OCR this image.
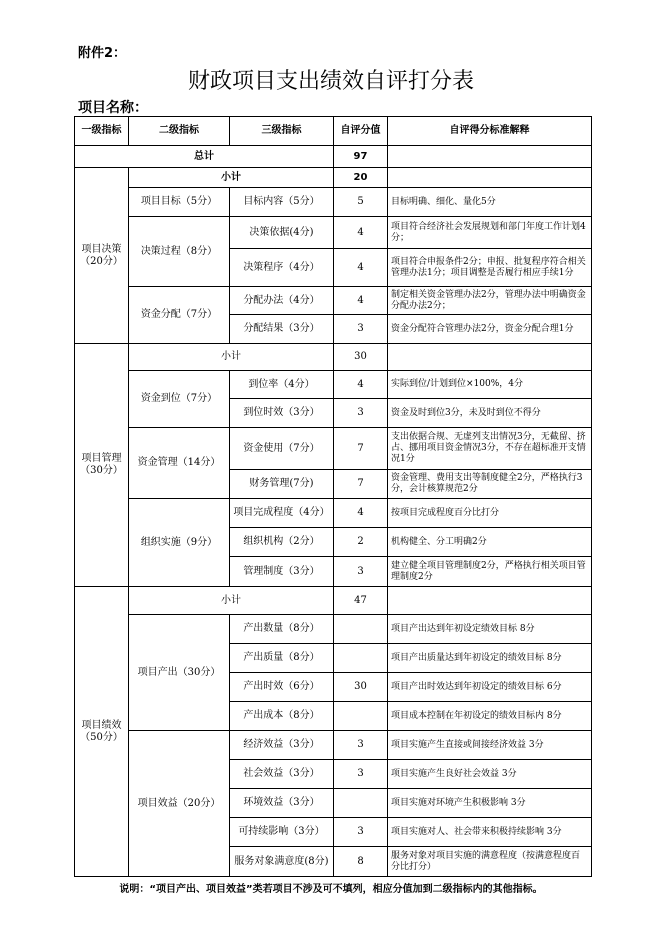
附件2：
财政项目支出绩效自评打分表
项目名称：
一级指标	二级指标	三级指标	自评分值	自评得分标准解释
总计			97	
项目决策（20分）	小计		20	
	项目目标（5分）	目标内容（5分）	5	目标明确、细化、量化5分
	决策过程（8分）	决策依据(4分)	4	项目符合经济社会发展规划和部门年度工作计划4分；
		决策程序（4分）	4	项目符合申报条件2分；申报、批复程序符合相关管理办法1分；项目调整是否履行相应手续1分
	资金分配（7分）	分配办法（4分）	4	制定相关资金管理办法2分，管理办法中明确资金分配办法2分；
		分配结果（3分）	3	资金分配符合管理办法2分，资金分配合理1分
项目管理（30分）	小计		30	
	资金到位（7分）	到位率（4分）	4	实际到位/计划到位×100%，4分
		到位时效（3分）	3	资金及时到位3分，未及时到位不得分
	资金管理（14分）	资金使用（7分）	7	支出依据合规、无虚列支出情况3分，无截留、挤占、挪用项目资金情况3分，不存在超标准开支情况1分
		财务管理(7分)	7	资金管理、费用支出等制度健全2分，严格执行3分，会计核算规范2分
	组织实施（9分）	项目完成程度（4分）	4	按项目完成程度百分比打分
		组织机构（2分）	2	机构健全、分工明确2分
		管理制度（3分）	3	建立健全项目管理制度2分，严格执行相关项目管理制度2分
项目绩效（50分）	小计		47	
	项目产出（30分）	产出数量（8分）		项目产出达到年初设定绩效目标 8分
		产出质量（8分）		项目产出质量达到年初设定的绩效目标 8分
		产出时效（6分）	30	项目产出时效达到年初设定的绩效目标 6分
		产出成本（8分）		项目成本控制在年初设定的绩效目标内 8分
	项目效益（20分）	经济效益（3分）	3	项目实施产生直接或间接经济效益 3分
		社会效益（3分）	3	项目实施产生良好社会效益 3分
		环境效益（3分）		项目实施对环境产生积极影响 3分
		可持续影响（3分）	3	项目实施对人、社会带来积极持续影响 3分
		服务对象满意度(8分)	8	服务对象对项目实施的满意程度（按满意程度百分比打分）
说明：“项目产出、项目效益”类若项目不涉及可不填列，相应分值加到二级指标内的其他指标。
